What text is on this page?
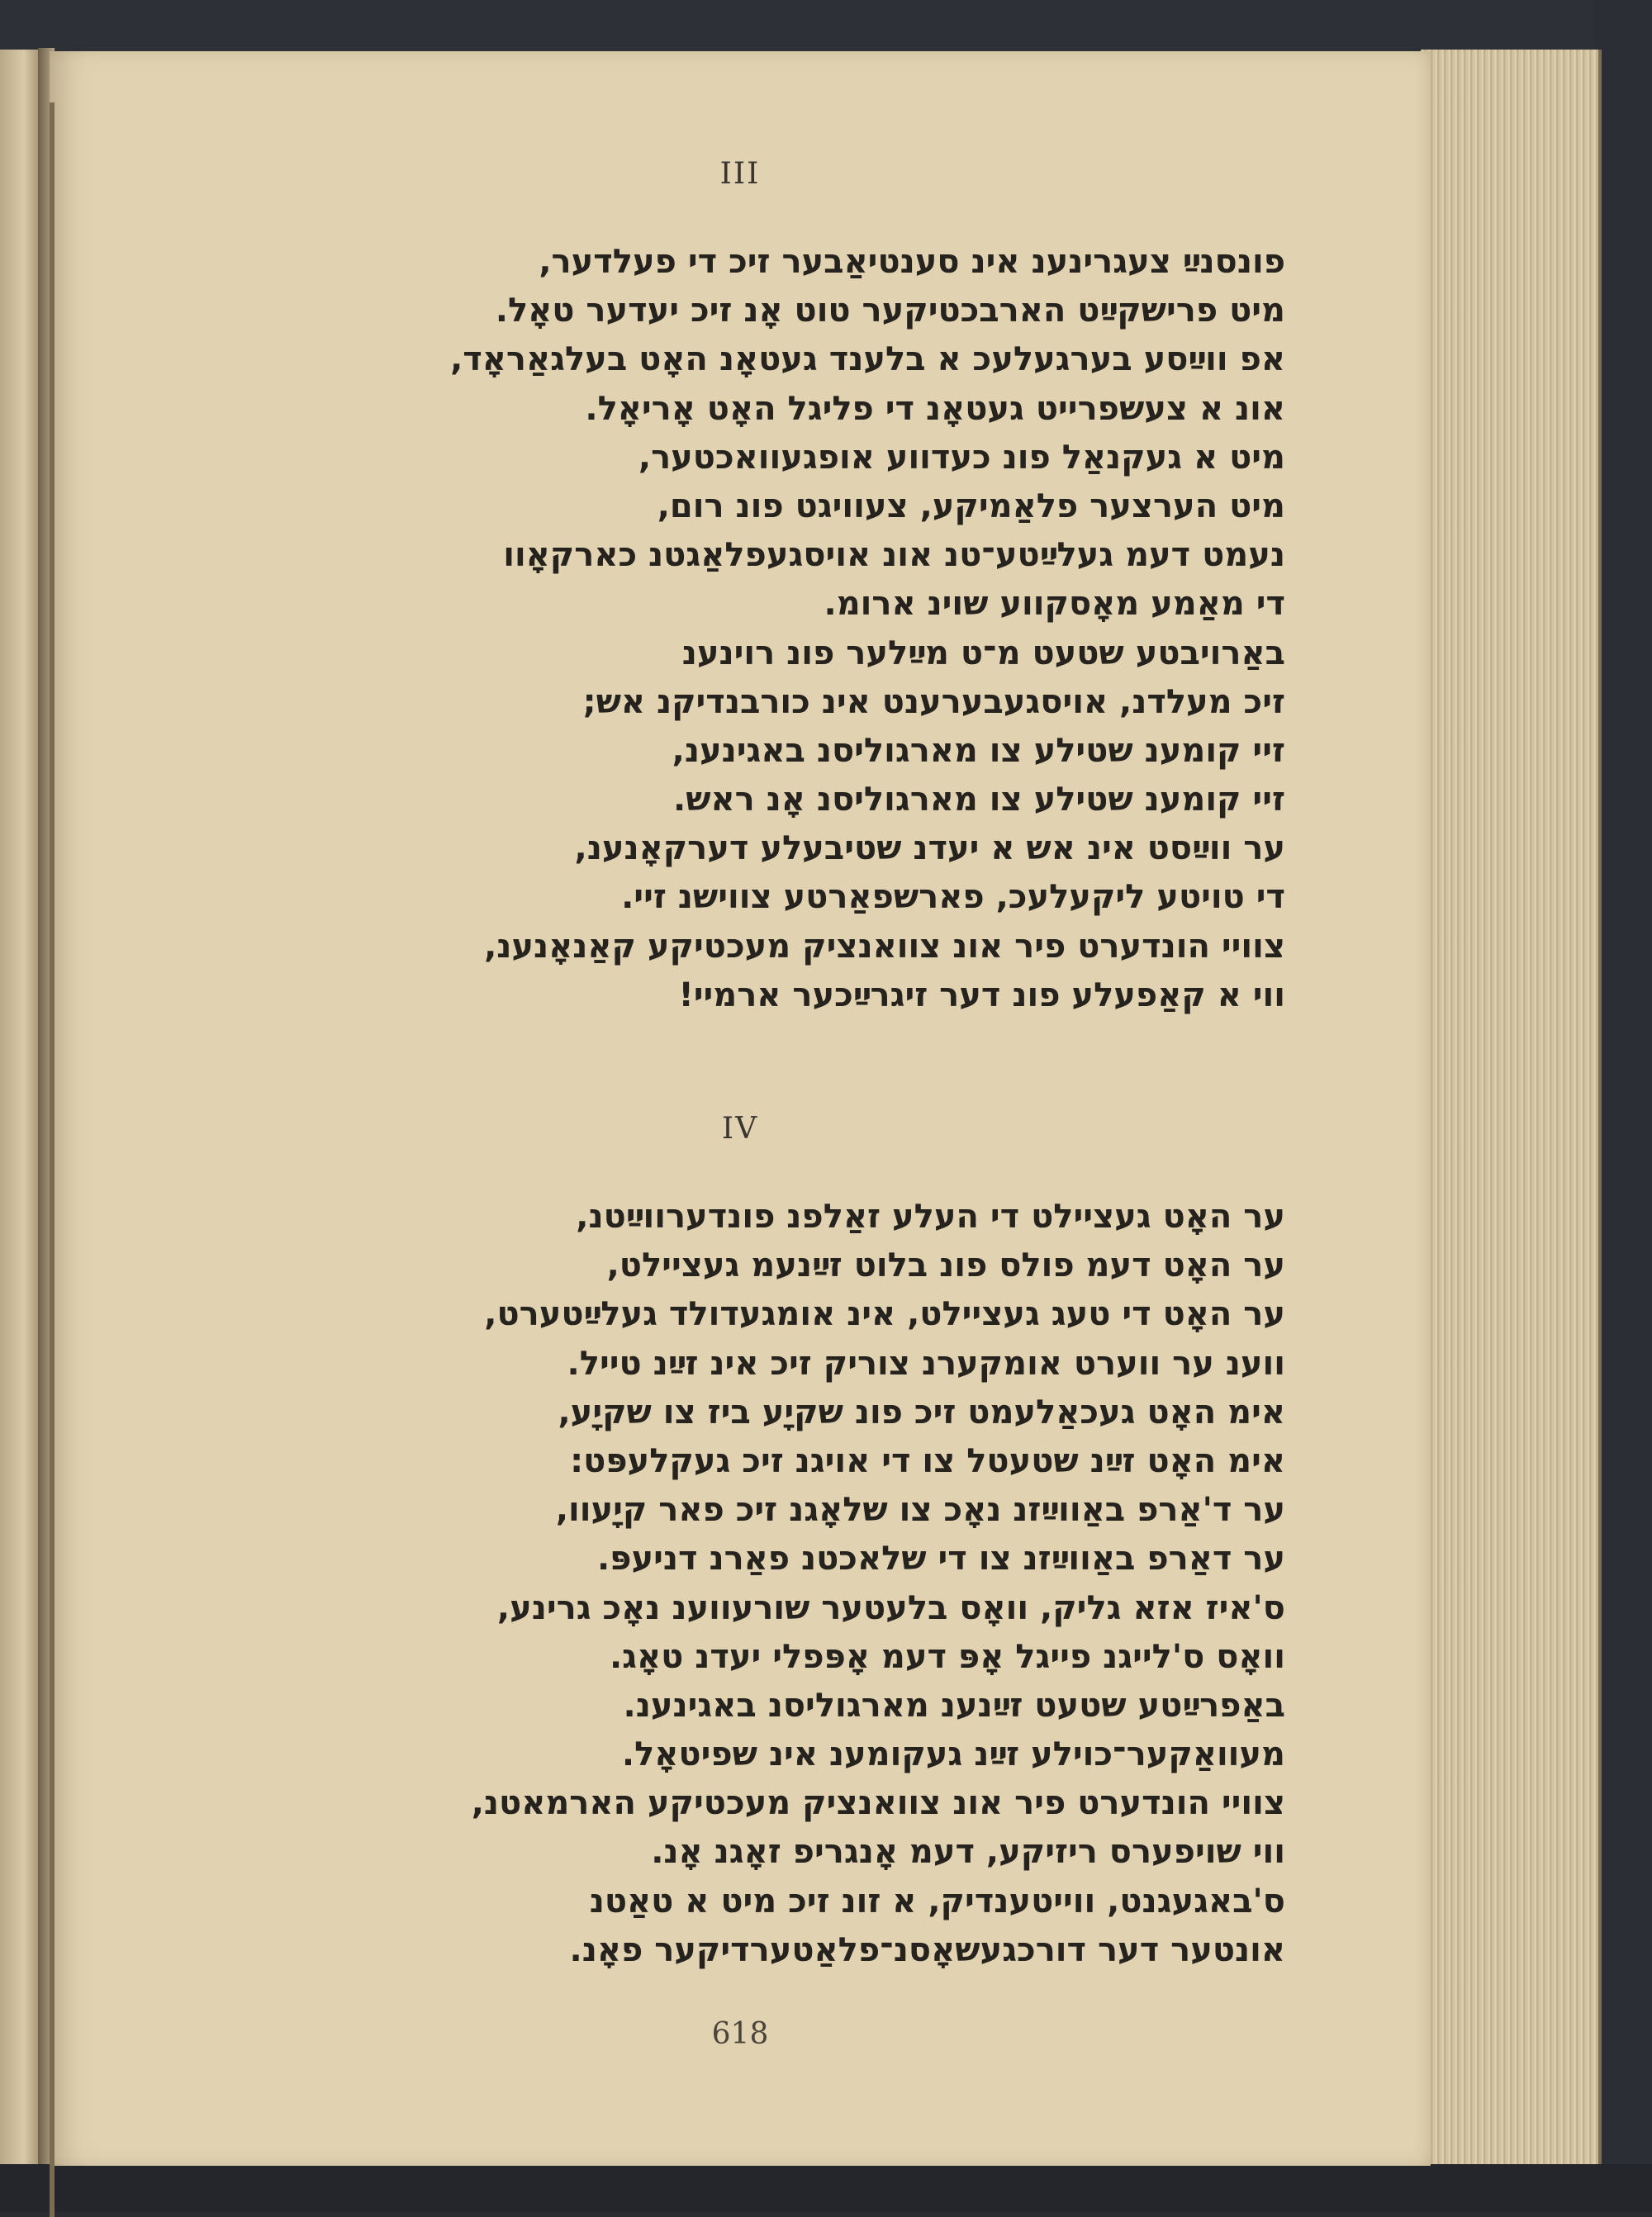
III
פונסנײַ צעגרינענ אינ סענטיאַבער זיכ די פעלדער,
מיט פרישקײַט הארבכטיקער טוט אָנ זיכ יעדער טאָל.
אפ ווײַסע בערגעלעכ א בלענד געטאָנ האָט בעלגאַראָד,
אונ א צעשפרייט געטאָנ די פליגל האָט אָריאָל.
מיט א געקנאַל פונ כעדווע אופגעוואכטער,
מיט הערצער פלאַמיקע, צעוויגט פונ רום,
נעמט דעמ געלײַטע־טנ אונ אויסגעפלאַגטנ כארקאָוו
די מאַמע מאָסקווע שוינ ארומ.
באַרויבטע שטעט מ־ט מײַלער פונ רוינענ
זיכ מעלדנ, אויסגעבערענט אינ כורבנדיקנ אש;
זיי קומענ שטילע צו מארגוליסנ באגינענ,
זיי קומענ שטילע צו מארגוליסנ אָנ ראש.
ער ווײַסט אינ אש א יעדנ שטיבעלע דערקאָנענ,
די טויטע ליקעלעכ, פארשפאַרטע צווישנ זיי.
צוויי הונדערט פיר אונ צוואנציק מעכטיקע קאַנאָנענ,
ווי א קאַפעלע פונ דער זיגרײַכער ארמיי!
IV
ער האָט געציילט די העלע זאַלפנ פונדערווײַטנ,
ער האָט דעמ פולס פונ בלוט זײַנעמ געציילט,
ער האָט די טעג געציילט, אינ אומגעדולד געלײַטערט,
ווענ ער ווערט אומקערנ צוריק זיכ אינ זײַנ טייל.
אימ האָט געכאַלעמט זיכ פונ שקיָע ביז צו שקיָע,
אימ האָט זײַנ שטעטל צו די אויגנ זיכ געקלעפּט:
ער ד'אַרפ באַווײַזנ נאָכ צו שלאָגנ זיכ פאר קיָעוו,
ער דאַרפ באַווײַזנ צו די שלאכטנ פאַרנ דניעפּ.
ס'איז אזא גליק, וואָס בלעטער שורעווענ נאָכ גרינע,
וואָס ס'לייגנ פייגל אָפּ דעמ אָפּפלי יעדנ טאָג.
באַפרײַטע שטעט זײַנענ מארגוליסנ באגינענ.
מעוואַקער־כוילע זײַנ געקומענ אינ שפיטאָל.
צוויי הונדערט פיר אונ צוואנציק מעכטיקע הארמאטנ,
ווי שויפערס ריזיקע, דעמ אָנגריפ זאָגנ אָנ.
ס'באגעגנט, ווייטענדיק, א זונ זיכ מיט א טאַטנ
אונטער דער דורכגעשאָסנ־פלאַטערדיקער פאָנ.
618
